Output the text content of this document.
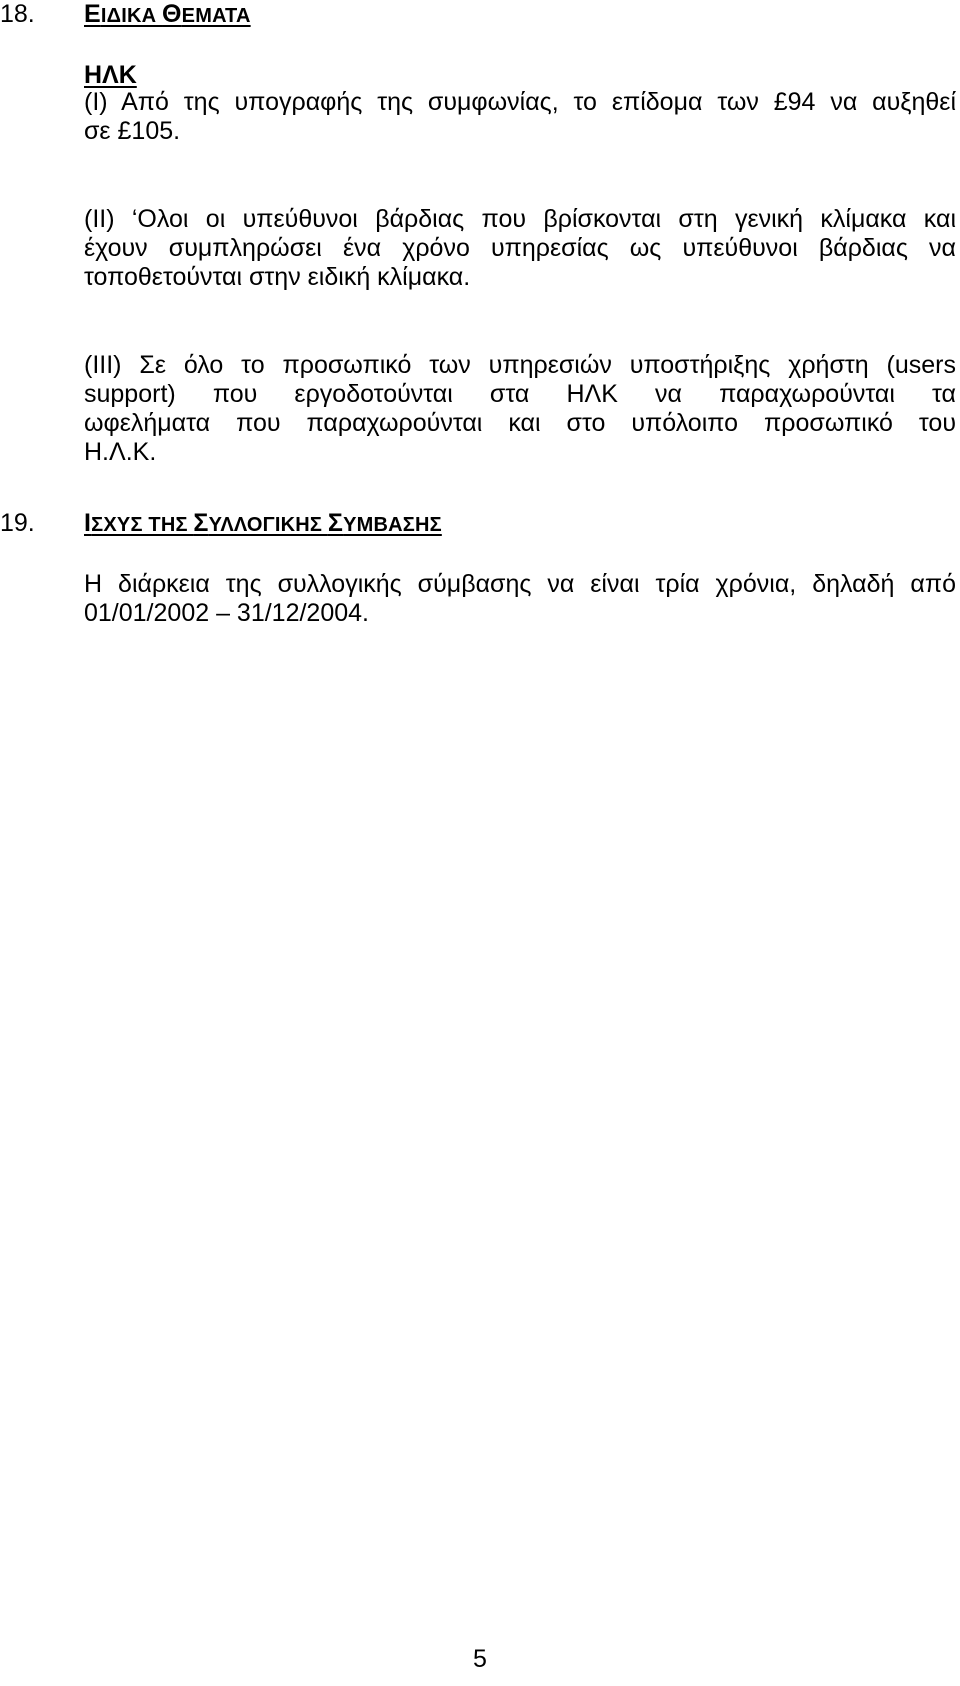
18. ΕΙΔΙΚΑ ΘΕΜΑΤΑ
ΗΛΚ
(Ι) Από της υπογραφής της συμφωνίας, το επίδομα των £94 να αυξηθεί
σε £105.
(ΙΙ) ‘Ολοι οι υπεύθυνοι βάρδιας που βρίσκονται στη γενική κλίμακα και
έχουν συμπληρώσει ένα χρόνο υπηρεσίας ως υπεύθυνοι βάρδιας να
τοποθετούνται στην ειδική κλίμακα.
(ΙΙΙ) Σε όλο το προσωπικό των υπηρεσιών υποστήριξης χρήστη (users
support) που εργοδοτούνται στα ΗΛΚ να παραχωρούνται τα
ωφελήματα που παραχωρούνται και στο υπόλοιπο προσωπικό του
Η.Λ.Κ.
19. ΙΣΧΥΣ ΤΗΣ ΣΥΛΛΟΓΙΚΗΣ ΣΥΜΒΑΣΗΣ
Η διάρκεια της συλλογικής σύμβασης να είναι τρία χρόνια, δηλαδή από
01/01/2002 – 31/12/2004.
5
